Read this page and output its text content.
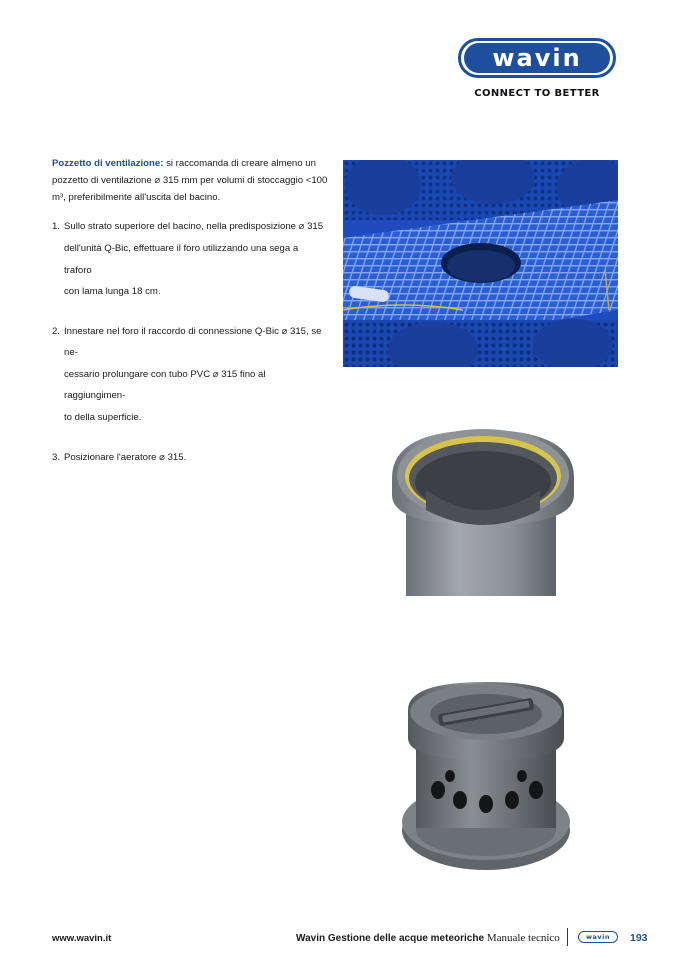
wavin
CONNECT TO BETTER
Pozzetto di ventilazione: si raccomanda di creare almeno un
pozzetto di ventilazione ⌀ 315 mm per volumi di stoccaggio <100
m³, preferibilmente all'uscita del bacino.
1. Sullo strato superiore del bacino, nella predisposizione ⌀ 315
dell'unità Q-Bic, effettuare il foro utilizzando una sega a traforo
con lama lunga 18 cm.
2. Innestare nel foro il raccordo di connessione Q-Bic ⌀ 315, se ne-
cessario prolungare con tubo PVC ⌀ 315 fino al raggiungimen-
to della superficie.
3. Posizionare l'aeratore ⌀ 315.
www.wavin.it	Wavin Gestione delle acque meteoriche Manuale tecnico	wavin 193
